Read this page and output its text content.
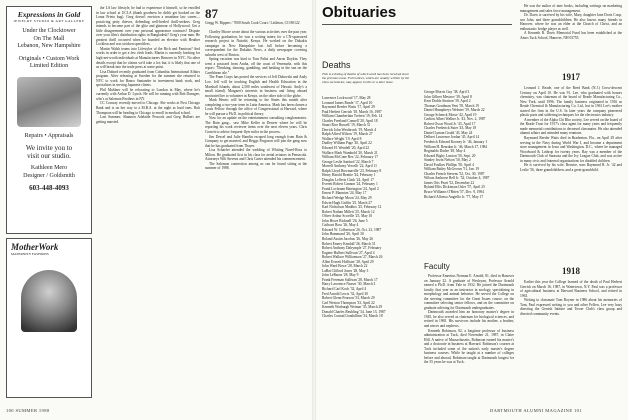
Expressions in Gold
JEWELRY STUDIO & ART GALLERY
Under the Clocktower
On The Mall
Lebanon, New Hampshire
Originals • Custom Work
Limited Edition
Repairs • Appraisals
We invite you to
visit our studio.
Kathleen Mero
Designer / Goldsmith
603-448-4093
MotherWork
MATERNITY FASHIONS

the LA law lifestyle, he had to experience it himself, so he enrolled in law school at UCLA (thank goodness he didn't get hooked on the Loma Prieta bug). Greg doesn't envision a mundane law career—practicing petty thieves, defending well-heeled thrill-seekers. Greg intends to become part of the glitz and glamour of Hollywood. Get a little disagreement over your personal appearance contracts? Dispute over your film's distribution rights in Bangladesh? Greg's your man. He greatest thrill occurred when he boarded an elevator with Heather Locklear and was stricken speechless.

Martin Walsh teams into Lifestyles of the Rich and Famious? And works in order to get a few clerk leads. Martin is currently booking for high-net-worth individuals at Manufacturers Hanover in NYC. No other details except that he claims we'd take a lot; but, it is likely that one of us will break into the trade press at some point.

Lisa Dubord recently graduated from Columbia International Affairs program. After releasing at Sweden for the summer she returned to NYC to work for Banco Santander in investment bank work, and specializes in serving Japanese clients.

Phil Muhlner will be relocating to London in May, where he's currently with Arthur D. Lynch. He will be running with Rob Dunsgee, who's at Salomon Brothers in NY.

CC Conway recently moved to Chicago. She works at First Chicago Bank and is on her way to a M.B.A. at the night as hard ones. Rob Thompson will be heading to Chicago to enroll in medical school.

Last Summer, Shannon Adelaide Peacock and Greg Hulbert are getting married.

87
Gregg W. Ripperr / 7000 South Cook Court / Littleton, CO 80122

Charley Moore wrote about the various activities over the past year. Following graduation, he was a writing intern for a CN-sponsored research project in Nairobi, Kenya. He worked on the Dukakis campaign in New Hampshire last fall before becoming a correspondent for the Dukakis News, a daily newspaper covering suburbs west of Boston.

Spring vacation was kind to Tom Palisi and Aaron Doykin. They went a postcard from Aruba, off the coast of Venezuela, with this report: "Drinking, dancing, gambling, and basking in the sun on the Carribbean isle."

The Fram Corps has posted the services of Jeff Dubovski and Andy Loo. Jeff will be teaching English and Health Education in the Marshall Islands, about 2,500 miles southwest of Hawaii. Andy's a small island). Margaret's interests in business and living abroad motivated her to volunteer in Kenya, on the other side of the globe.

Mark Henric will be returning to the States this month after completing a two-year term in Latin America. Mark has been chosen a Louis Fellow through the office of Congressional at Harvard, where he will pursue a Ph.D. in political theory.

Now for an update on the entertainment consulting conglomerates. The Bain gang... saw Mike Keller in Denver where he will be reporting his work reviewer items over the next eleven years. Chris Cornett to advise frequent-flyer miles in the process.

Jim Dessel and Julie Hamlin escaped long enough from Bain & Company to get married, and Briggs Ferguson will join the gang now that he has graduated from Thayer.

Lisa Schaefer attended the wedding of Whiting Navel-Ross to Milton. He graduated first in his class for aerial aviators in Pensacola. Attorneys Wilt Stevens and Chris Carter attended his commencement.

The Salomon connection among us can be found sitting at the summer of 1988.

100 SUMMER 1988
Obituaries
Deaths
This is a listing of deaths of which word has been received since the previous issue. Full notices, which are usually written by the class secretaries, may appear in this or a later issue.
Lawrence Lockwood '17, May 28
Leonard James Reade '17, April 10
Raymond Reeder Watts '17, April 29
Paul Herbert Gerrish '18, March 16, 1987
William Chamberlain Trefren '19, Feb. 14
Charles Freeland Connell '20, April 18
Stuart Rice Russell '19, March 31
Derrick John Westbrook '19, March 4
Ralph Alfred Wilson '19, March 27
Wallace Wright '19, April 8
Dudley William Page '20, April 22
Edward H. Wendell '20, April 22
Wallace Mark Wambold '20, March 21
William McCone Rex '22, February 17
George Leslie Sanford '22, March 7
Morrell Anthony Vercelli '22, April 11
Ralph Lloyd Bowmaville '23, February 8
Henry Harold Beattie '24, February 1
Douglas Lefferts Clark '24, April 17
Everett Robert Cannon '24, February 1
Frank Lochrnan Harrington '24, April 2
Ernest P. Mannion '24, May 17
Richard Wedge Moon '24, May 29
Edwin Hugh Griffin '25, March 27
Karl Nicholson Maddox '25, February 12
Robert Nathan Millett '25, March 12
Oliver Arthur Scoville '25, May 10
John Howe Bicknell '26, June 5
Cathcart Ross '26, May 4
Edward W. Colbertson '26, Oct. 23, 1987
John Hammond '26, April 30
Roland Austin Jacobus '26, May 26
Robert Emery Kendall '26, March 31
Robert Anthony Dalrymple '27, February
Eugene Hulbert Sullivan '27, April 4
Robert Wallace Williamson '27, March 26
Allen Everett Hollister '28, April 29
John Ward Bowe '28, March 22
LaBat Clifford Jones '28, May 3
John LeBaron '28, May 9
Frank Freeman Sullivan '28, March 17
Harry Lawrence Nusser '30, March 3
Richard Carl Koch '32, April 4
Fred Arnold Lewis '32, April 30
Robert Glenn Fearson '33, March 29
Carl Weston Thompson '33, April 22
Kenneth Warburgh Weimar '35, March 29
Donald Charles Reubling '34, June 13, 1987
Charles Conrad Gondollinn '34, March 18
George Morris Guy '38, April 3
John Gilbert Mesirov '39, April 8
Kent Dodds Stratton '39, April 2
Thomas Goodman Vent '39, March 19
Daniel Humphreys Webster '39, March 22
George Schenck Morse '42, April 19
Carlton Albert Walker Jr. '43, Nov. 2, 1987
Robert Oscar Wood Jr. '43, April 17
Charles Frederick Suter '43, May 18
Daniel Lyman Gould '43, May 24
Delbert Lawrence Jordan '45, April 14
Frederick Edward Kooney Jr. '46, January 1
William H. Reardon Jr. '46, March 17, 1984
Reginaldo Dudee '49, May 4
Edward Bigby Lawton '50, Sept. 20
Stanley Irwin Nelson '50, May 2
David Foulkes Phillips '50, April 4
William Bailey McGeown '51, Jan. 19
Charles French Stevens '52, Oct. 30, 1987
Wilson Ambrose Bell Jr. '52, October 4, 1987
James Otis Peart '52, December 22
Ryland Ellis Dickinson Osler '57, April 25
Bruce Williams O'Brien '57, Dec. 9, 1984
Richard Alfonso Angiello Jr. '77, May 17
Faculty

Professor Emeritus Norman E. Arnold, 81, died in Hanover on January 22. A graduate of Wesleyan, Professor Arnold earned a Ph.D. from Yale in 1932. He joined the Dartmouth faculty that year as an instructor in zoology, specializing in morphology and animal behavior. He served the College on the steering committee for the Great Issues course, on the committee selecting senior fellows, and on the committee on graduate advising for Dartmouth undergraduates.

Dartmouth awarded him an honorary master's degree in 1945, he also served as chairman for biological sciences, and retired in 1965. His survivors include his mother, a brother, and nieces and nephews.

Kenneth Robinson, 82, a longtime professor of business administration at Tuck, died November 21, 1987, in Claire Hill. A native of Massachusetts, Robinson earned his master's and a doctorate in business at Harvard. Robinson's courses at Tuck included some of the nation's early master's degree business courses. While he taught at a number of colleges before and abroad, Robinson taught at Dartmouth longest for the 35 years he was at Tuck.

He was the author of nine books, including writings on marketing management and sales force management.

Dr. Davis is survived by his wife, Mary, daughter Jane Doris Coop, son John, and three grandchildren. He also knows many friends in Hanover, where he was an elder at the Church of Christ, and an enthusiastic bridge player as well.

A Kenneth R. Davis Memorial Fund has been established at the Amos Tuck School, Hanover, NH 03755.

1917

Leonard J. Reade, one of the Reed Bank (N.J.) Cross-descent Century on April 10. He was 91. Lee, who graduated with honors chemistry, was chairman of the board of Reade Manufacturing Co., New York, until 1996. The family business originated in 1916 as Reade Chemical & Manufacturing Co. Ltd., but in 1961 Lee's mother started the firm in the U.S. In later years the company pioneered plastic parts and soldering techniques for the electronics industry.

A member of the Alpha Chi Rho society, Lee served on the board of the Reade Trust for 1917's class agent for many years and frequently made memorial contributions to deceased classmates. He also attended alumni affairs and attended many reunions.

Raymond Reeder Watts died in Bradenton, Fla., on April 29 after serving in the Navy during World War I, and became a department store management in Iowa and Washington, D.C., where he managed Woodward & Lothrop for twenty years. Ray was a member of the Dartmouth Club of Sarasota and the Ivy League Club, and was active in many civic and fraternal organizations for disabled children.

He is survived by his wife, Bernice, sons Raymond R. Jr. '42 and Leslie '56, three grandchildren, and a great-grandchild.

1918

Earlier this year the College learned of the death of Paul Herbert Gerrish on March 16, 1987, in Watertown, N.Y. Paul was a professor of agricultural business at Harvard Business School, and retired in 1963.

Writing to classmate Tom Royner in 1986 about his memories of Tom, Paul expressed writing to you and other Fellow. Lee very busy directing the Gerrish Intitute and Tower Club's class group and directed community events.

DARTMOUTH ALUMNI MAGAZINE 101
